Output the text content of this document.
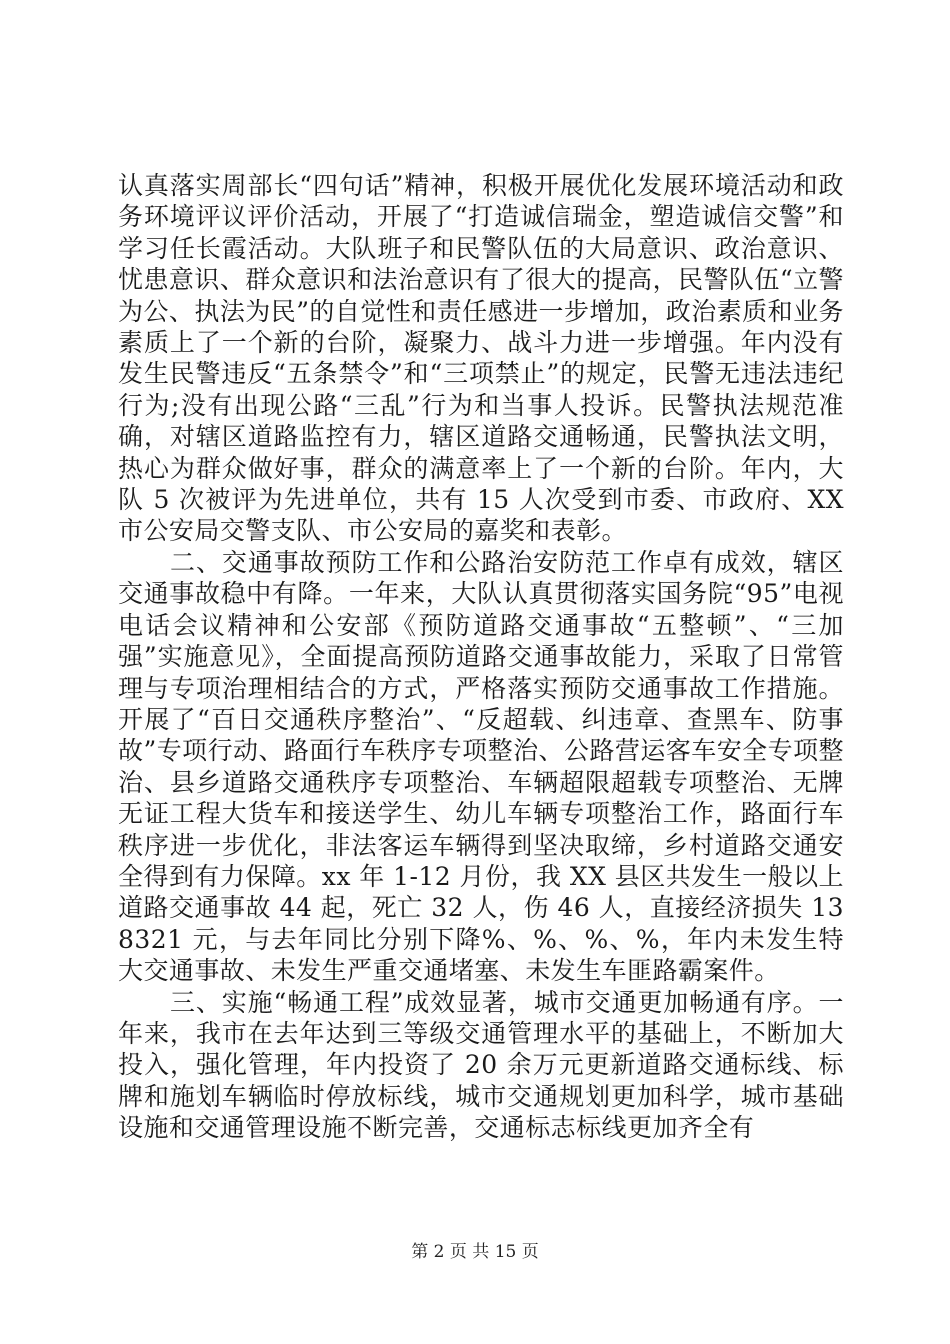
认真落实周部长“四句话”精神，积极开展优化发展环境活动和政务环境评议评价活动，开展了“打造诚信瑞金，塑造诚信交警”和学习任长霞活动。大队班子和民警队伍的大局意识、政治意识、忧患意识、群众意识和法治意识有了很大的提高，民警队伍“立警为公、执法为民”的自觉性和责任感进一步增加，政治素质和业务素质上了一个新的台阶，凝聚力、战斗力进一步增强。年内没有发生民警违反“五条禁令”和“三项禁止”的规定，民警无违法违纪行为;没有出现公路“三乱”行为和当事人投诉。民警执法规范准确，对辖区道路监控有力，辖区道路交通畅通，民警执法文明，热心为群众做好事，群众的满意率上了一个新的台阶。年内，大队 5 次被评为先进单位，共有 15 人次受到市委、市政府、XX 市公安局交警支队、市公安局的嘉奖和表彰。

二、交通事故预防工作和公路治安防范工作卓有成效，辖区交通事故稳中有降。一年来，大队认真贯彻落实国务院“95”电视电话会议精神和公安部《预防道路交通事故“五整顿”、“三加强”实施意见》，全面提高预防道路交通事故能力，采取了日常管理与专项治理相结合的方式，严格落实预防交通事故工作措施。开展了“百日交通秩序整治”、“反超载、纠违章、查黑车、防事故”专项行动、路面行车秩序专项整治、公路营运客车安全专项整治、县乡道路交通秩序专项整治、车辆超限超载专项整治、无牌无证工程大货车和接送学生、幼儿车辆专项整治工作，路面行车秩序进一步优化，非法客运车辆得到坚决取缔，乡村道路交通安全得到有力保障。xx 年 1-12 月份，我 XX 县区共发生一般以上道路交通事故 44 起，死亡 32 人，伤 46 人，直接经济损失 138321 元，与去年同比分别下降%、%、%、%，年内未发生特大交通事故、未发生严重交通堵塞、未发生车匪路霸案件。

三、实施“畅通工程”成效显著，城市交通更加畅通有序。一年来，我市在去年达到三等级交通管理水平的基础上，不断加大投入，强化管理，年内投资了 20 余万元更新道路交通标线、标牌和施划车辆临时停放标线，城市交通规划更加科学，城市基础设施和交通管理设施不断完善，交通标志标线更加齐全有

第 2 页 共 15 页
